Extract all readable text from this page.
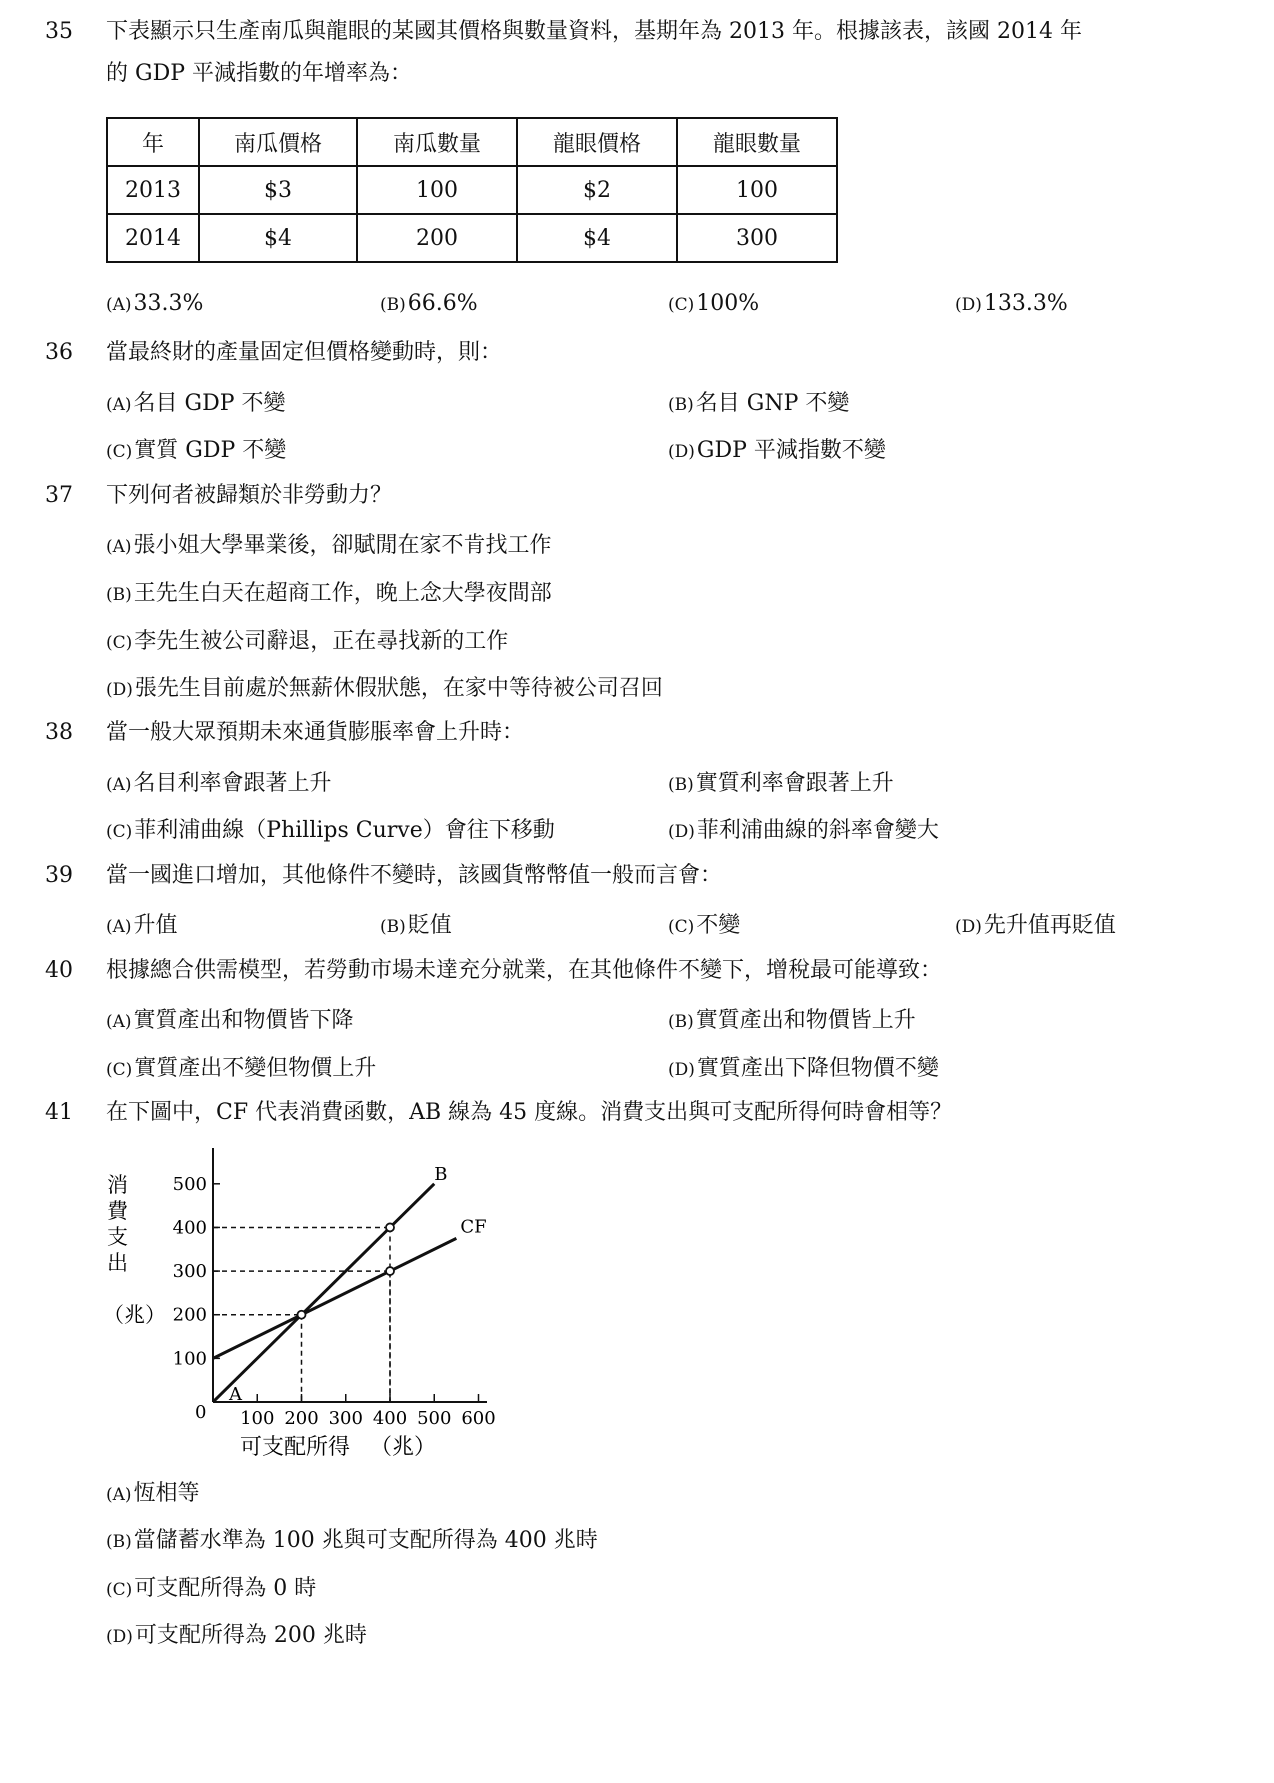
35 下表顯示只生產南瓜與龍眼的某國其價格與數量資料，基期年為 2013 年。根據該表，該國 2014 年
的 GDP 平減指數的年增率為：
年	南瓜價格	南瓜數量	龍眼價格	龍眼數量
2013	$3	100	$2	100
2014	$4	200	$4	300
(A)33.3%	(B)66.6%	(C)100%	(D)133.3%
36 當最終財的產量固定但價格變動時，則：
(A)名目 GDP 不變	(B)名目 GNP 不變
(C)實質 GDP 不變	(D)GDP 平減指數不變
37 下列何者被歸類於非勞動力？
(A)張小姐大學畢業後，卻賦閒在家不肯找工作
(B)王先生白天在超商工作，晚上念大學夜間部
(C)李先生被公司辭退，正在尋找新的工作
(D)張先生目前處於無薪休假狀態，在家中等待被公司召回
38 當一般大眾預期未來通貨膨脹率會上升時：
(A)名目利率會跟著上升	(B)實質利率會跟著上升
(C)菲利浦曲線（Phillips Curve）會往下移動	(D)菲利浦曲線的斜率會變大
39 當一國進口增加，其他條件不變時，該國貨幣幣值一般而言會：
(A)升值	(B)貶值	(C)不變	(D)先升值再貶值
40 根據總合供需模型，若勞動市場未達充分就業，在其他條件不變下，增稅最可能導致：
(A)實質產出和物價皆下降	(B)實質產出和物價皆上升
(C)實質產出不變但物價上升	(D)實質產出下降但物價不變
41 在下圖中，CF 代表消費函數，AB 線為 45 度線。消費支出與可支配所得何時會相等？
消
費
支
出
（兆）
100 200 300 400 500 600
500
400
300
200
100
B
A
CF
0
可支配所得 （兆）
(A)恆相等
(B)當儲蓄水準為 100 兆與可支配所得為 400 兆時
(C)可支配所得為 0 時
(D)可支配所得為 200 兆時
